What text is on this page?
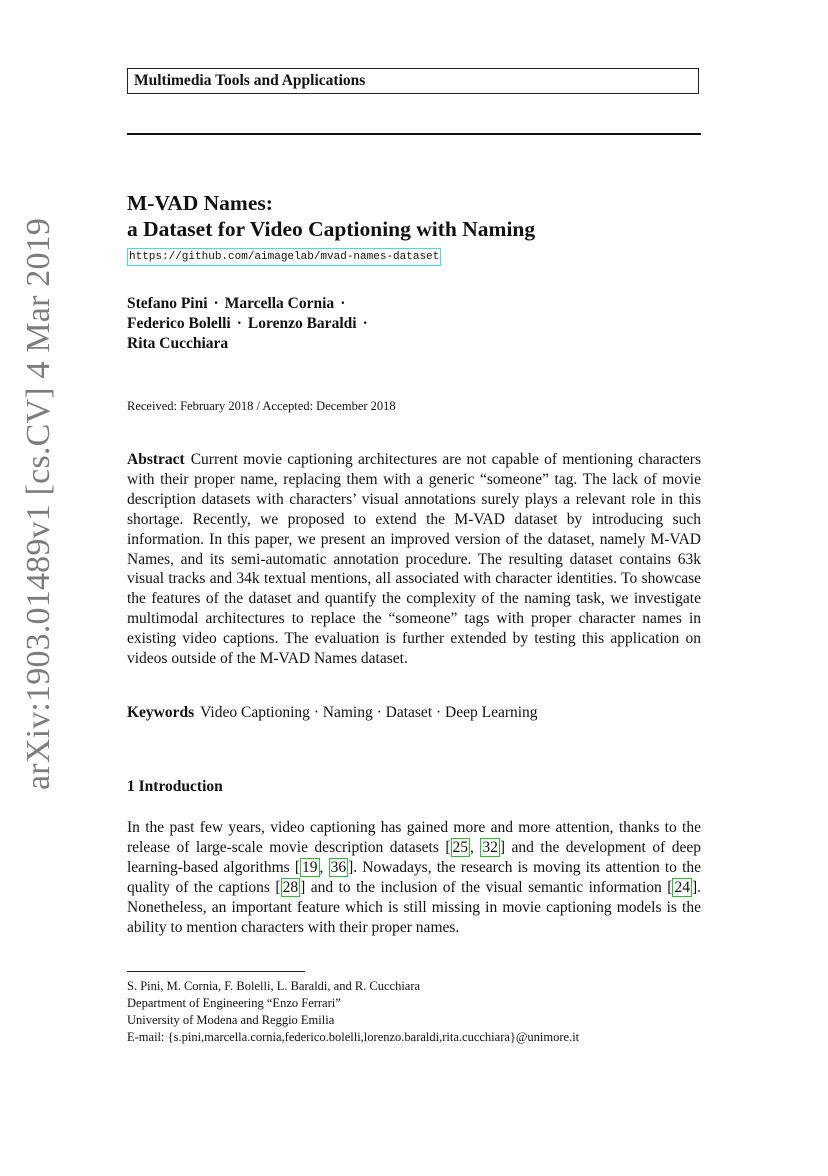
Multimedia Tools and Applications
M-VAD Names:
a Dataset for Video Captioning with Naming
https://github.com/aimagelab/mvad-names-dataset
Stefano Pini · Marcella Cornia ·
Federico Bolelli · Lorenzo Baraldi ·
Rita Cucchiara
Received: February 2018 / Accepted: December 2018
Abstract Current movie captioning architectures are not capable of mentioning characters with their proper name, replacing them with a generic “someone” tag. The lack of movie description datasets with characters’ visual annotations surely plays a relevant role in this shortage. Recently, we proposed to extend the M-VAD dataset by introducing such information. In this paper, we present an improved version of the dataset, namely M-VAD Names, and its semi-automatic annotation procedure. The resulting dataset contains 63k visual tracks and 34k textual mentions, all associated with character identities. To showcase the features of the dataset and quantify the complexity of the naming task, we investigate multimodal architectures to replace the “someone” tags with proper character names in existing video captions. The evaluation is further extended by testing this application on videos outside of the M-VAD Names dataset.
Keywords Video Captioning · Naming · Dataset · Deep Learning
1 Introduction
In the past few years, video captioning has gained more and more attention, thanks to the release of large-scale movie description datasets [ 25 , 32 ] and the development of deep learning-based algorithms [ 19 , 36 ]. Nowadays, the research is moving its attention to the quality of the captions [ 28 ] and to the inclusion of the visual semantic information [ 24 ]. Nonetheless, an important feature which is still missing in movie captioning models is the ability to mention characters with their proper names.
S. Pini, M. Cornia, F. Bolelli, L. Baraldi, and R. Cucchiara
Department of Engineering “Enzo Ferrari”
University of Modena and Reggio Emilia
E-mail: {s.pini,marcella.cornia,federico.bolelli,lorenzo.baraldi,rita.cucchiara}@unimore.it
arXiv:1903.01489v1 [cs.CV] 4 Mar 2019
